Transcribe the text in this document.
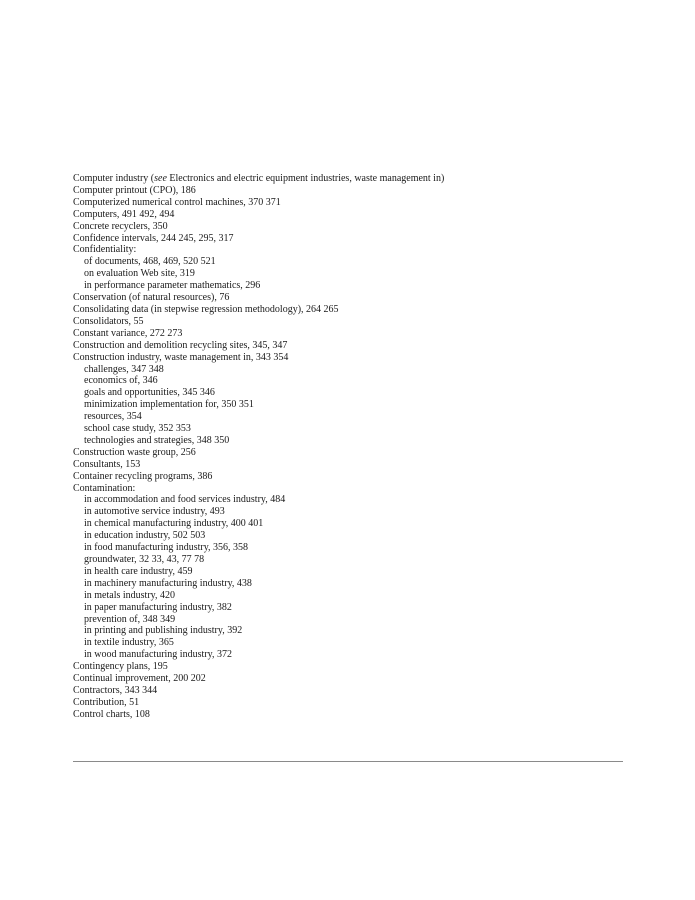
Computer industry (see Electronics and electric equipment industries, waste management in)
Computer printout (CPO), 186
Computerized numerical control machines, 370 371
Computers, 491 492, 494
Concrete recyclers, 350
Confidence intervals, 244 245, 295, 317
Confidentiality:
of documents, 468, 469, 520 521
on evaluation Web site, 319
in performance parameter mathematics, 296
Conservation (of natural resources), 76
Consolidating data (in stepwise regression methodology), 264 265
Consolidators, 55
Constant variance, 272 273
Construction and demolition recycling sites, 345, 347
Construction industry, waste management in, 343 354
challenges, 347 348
economics of, 346
goals and opportunities, 345 346
minimization implementation for, 350 351
resources, 354
school case study, 352 353
technologies and strategies, 348 350
Construction waste group, 256
Consultants, 153
Container recycling programs, 386
Contamination:
in accommodation and food services industry, 484
in automotive service industry, 493
in chemical manufacturing industry, 400 401
in education industry, 502 503
in food manufacturing industry, 356, 358
groundwater, 32 33, 43, 77 78
in health care industry, 459
in machinery manufacturing industry, 438
in metals industry, 420
in paper manufacturing industry, 382
prevention of, 348 349
in printing and publishing industry, 392
in textile industry, 365
in wood manufacturing industry, 372
Contingency plans, 195
Continual improvement, 200 202
Contractors, 343 344
Contribution, 51
Control charts, 108
